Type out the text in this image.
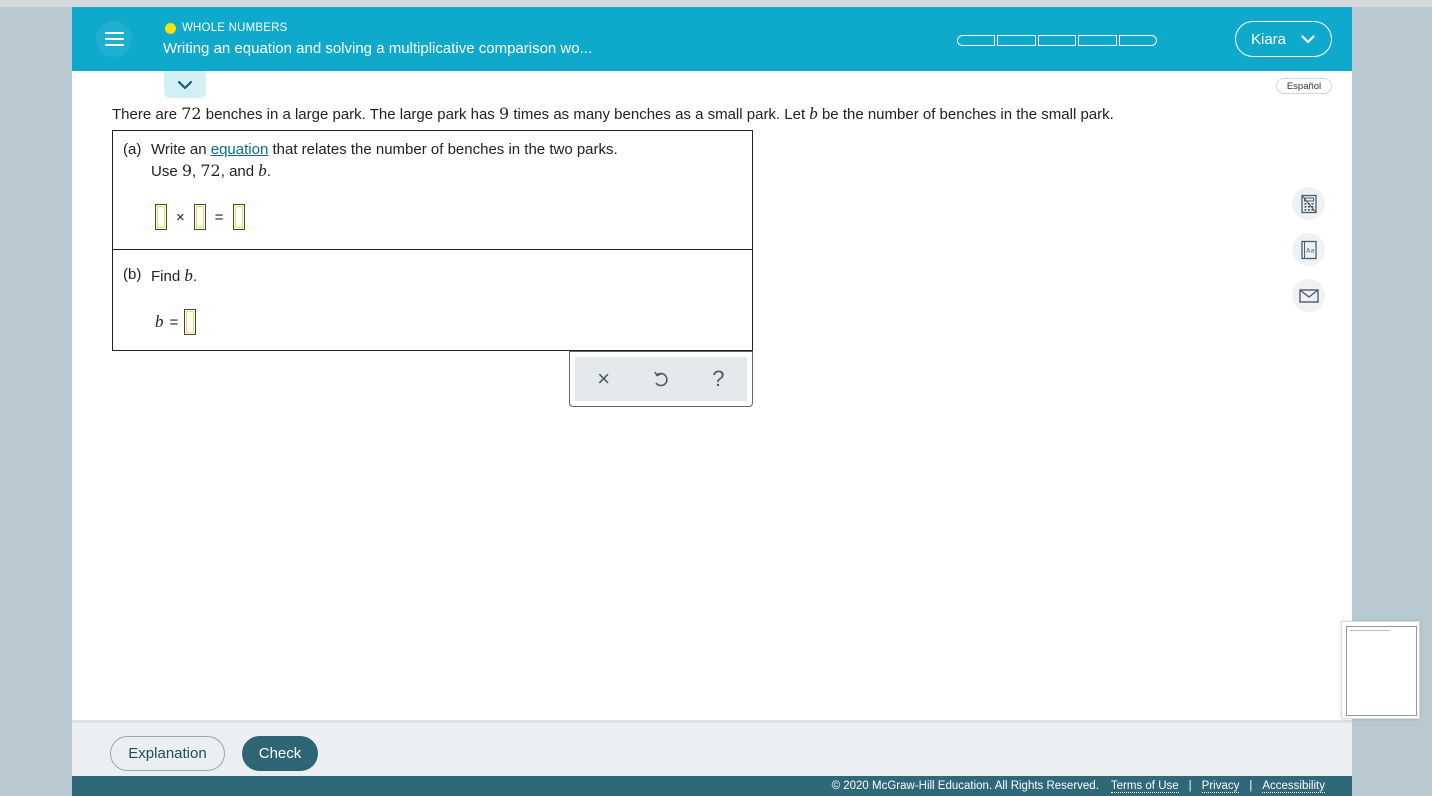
WHOLE NUMBERS
Writing an equation and solving a multiplicative comparison wo...
Kiara
Español
There are 72 benches in a large park. The large park has 9 times as many benches as a small park. Let b be the number of benches in the small park.
(a) Write an equation that relates the number of benches in the two parks.
Use 9, 72, and b.
× =
(b) Find b.
b =
×	?
Aa
Explanation	Check
© 2020 McGraw-Hill Education. All Rights Reserved. Terms of Use | Privacy | Accessibility
